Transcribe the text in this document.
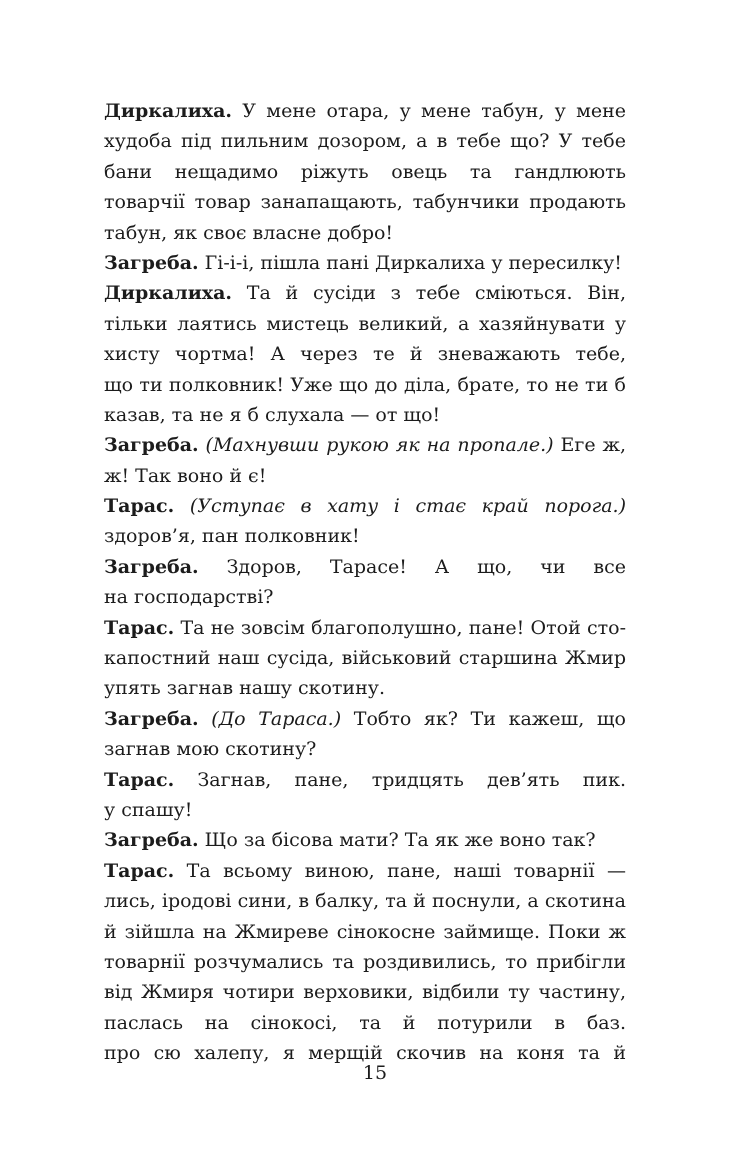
Диркалиха. У мене отара, у мене табун, у мене
худоба під пильним дозором, а в тебе що? У тебе
бани нещадимо ріжуть овець та гандлюють
товарчії товар занапащають, табунчики продають
табун, як своє власне добро!
Загреба. Гі-і-і, пішла пані Диркалиха у пересилку!
Диркалиха. Та й сусіди з тебе сміються. Він,
тільки лаятись мистець великий, а хазяйнувати у
хисту чортма! А через те й зневажають тебе,
що ти полковник! Уже що до діла, брате, то не ти б
казав, та не я б слухала — от що!
Загреба. (Махнувши рукою як на пропале.) Еге ж,
ж! Так воно й є!
Тарас. (Уступає в хату і стає край порога.)
здоров’я, пан полковник!
Загреба. Здоров, Тарасе! А що, чи все
на господарстві?
Тарас. Та не зовсім благополушно, пане! Отой сто-
капостний наш сусіда, військовий старшина Жмир
упять загнав нашу скотину.
Загреба. (До Тараса.) Тобто як? Ти кажеш, що
загнав мою скотину?
Тарас. Загнав, пане, тридцять дев’ять пик.
у спашу!
Загреба. Що за бісова мати? Та як же воно так?
Тарас. Та всьому виною, пане, наші товарнії —
лись, іродові сини, в балку, та й поснули, а скотина
й зійшла на Жмиреве сінокосне займище. Поки ж
товарнії розчумались та роздивились, то прибігли
від Жмиря чотири верховики, відбили ту частину,
паслась на сінокосі, та й потурили в баз.
про сю халепу, я мерщій скочив на коня та й
15
